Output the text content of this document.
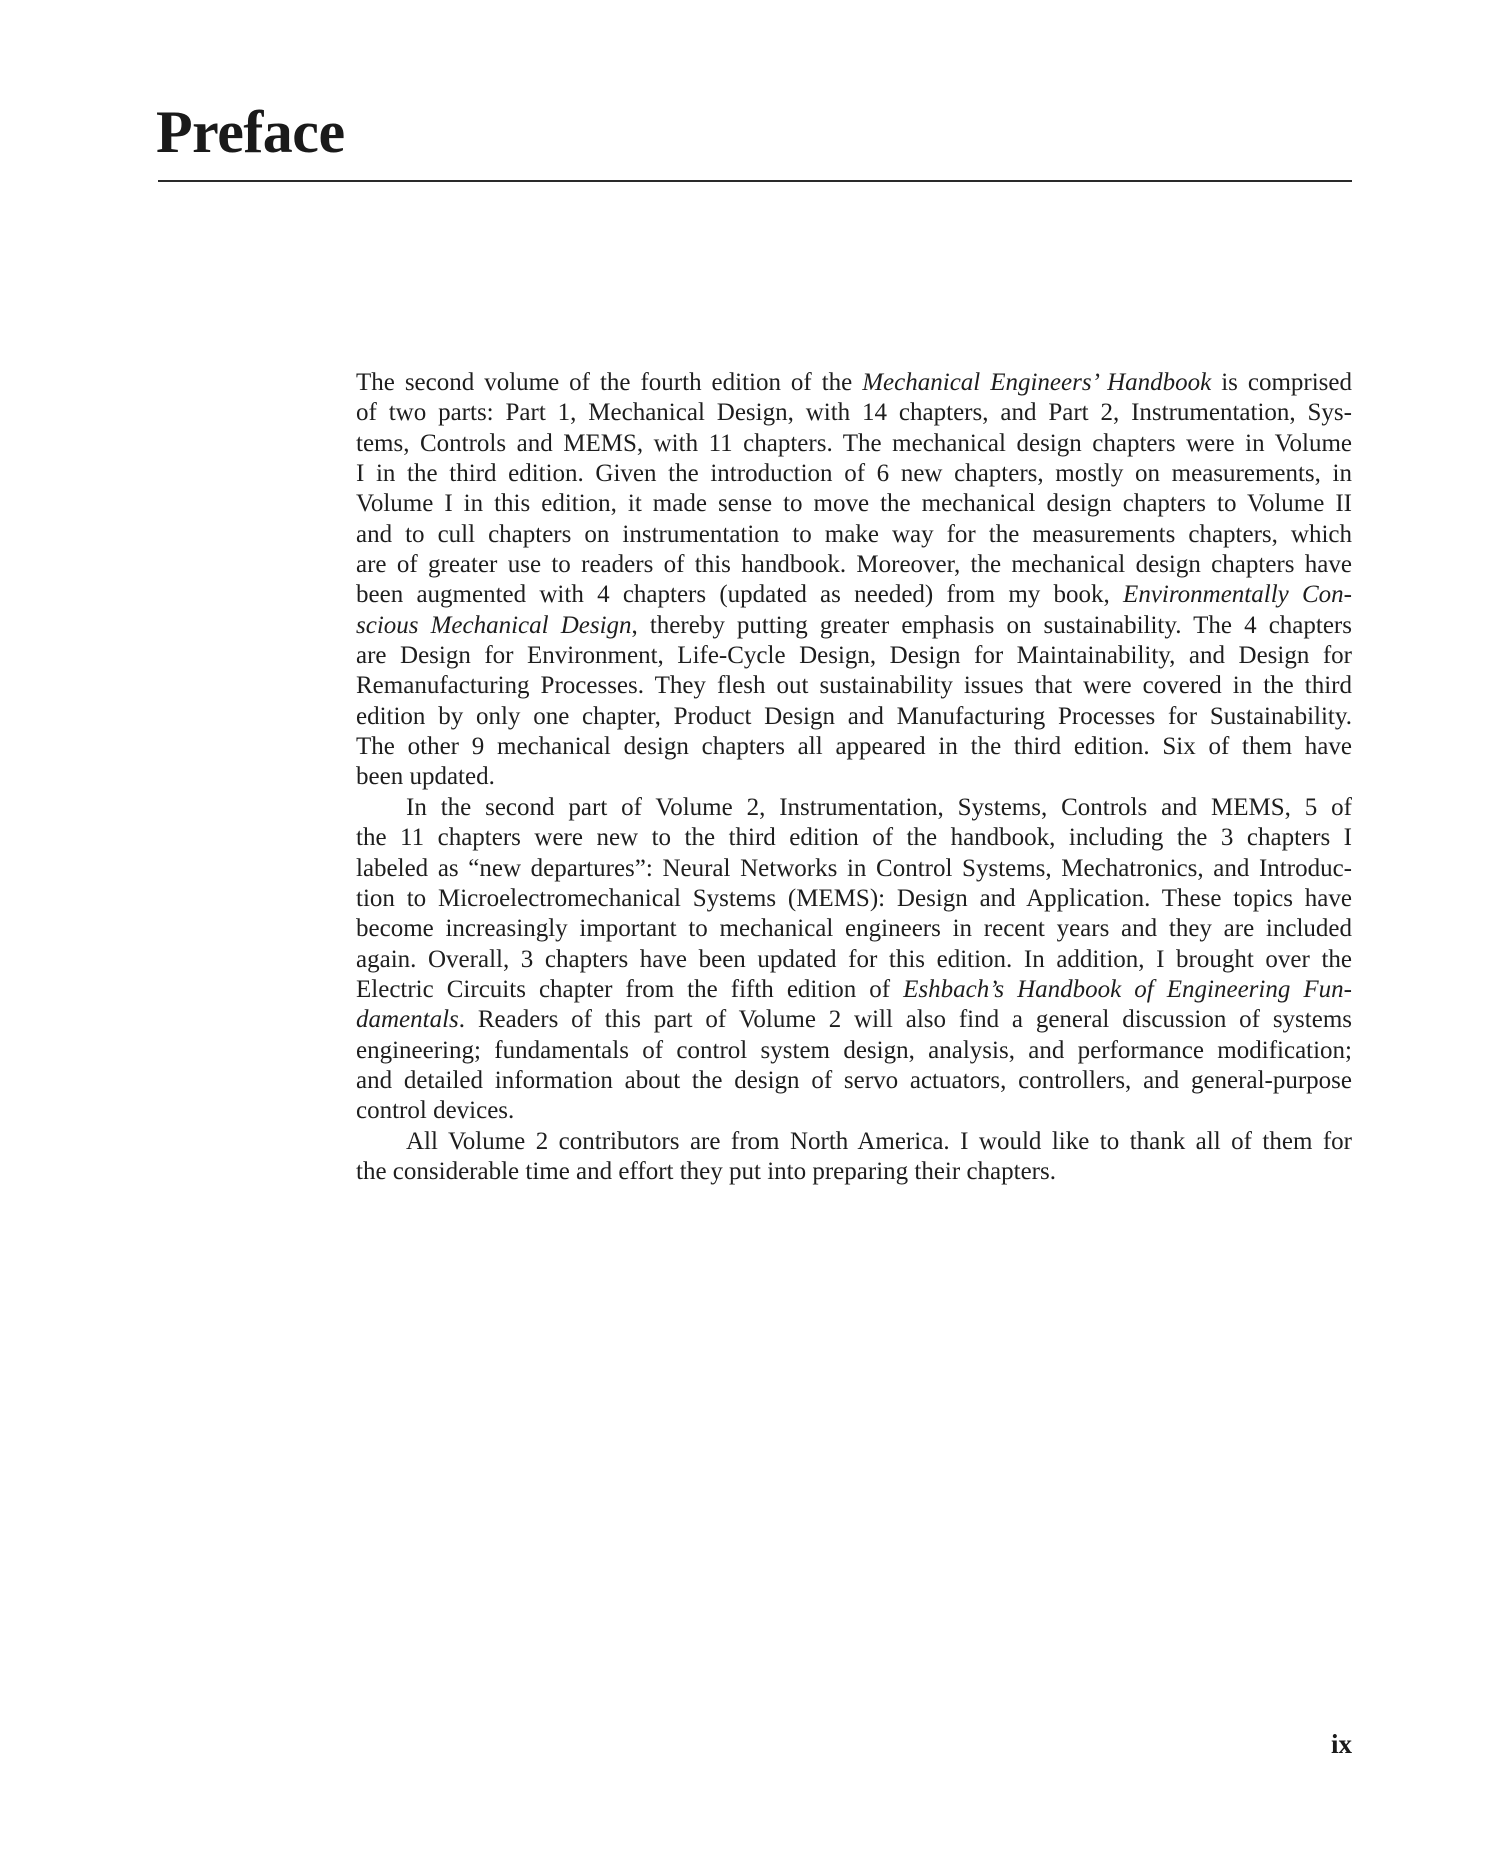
Preface
The second volume of the fourth edition of the Mechanical Engineers’ Handbook is comprised
of two parts: Part 1, Mechanical Design, with 14 chapters, and Part 2, Instrumentation, Sys-
tems, Controls and MEMS, with 11 chapters. The mechanical design chapters were in Volume
I in the third edition. Given the introduction of 6 new chapters, mostly on measurements, in
Volume I in this edition, it made sense to move the mechanical design chapters to Volume II
and to cull chapters on instrumentation to make way for the measurements chapters, which
are of greater use to readers of this handbook. Moreover, the mechanical design chapters have
been augmented with 4 chapters (updated as needed) from my book, Environmentally Con-
scious Mechanical Design, thereby putting greater emphasis on sustainability. The 4 chapters
are Design for Environment, Life-Cycle Design, Design for Maintainability, and Design for
Remanufacturing Processes. They flesh out sustainability issues that were covered in the third
edition by only one chapter, Product Design and Manufacturing Processes for Sustainability.
The other 9 mechanical design chapters all appeared in the third edition. Six of them have
been updated.
In the second part of Volume 2, Instrumentation, Systems, Controls and MEMS, 5 of
the 11 chapters were new to the third edition of the handbook, including the 3 chapters I
labeled as “new departures”: Neural Networks in Control Systems, Mechatronics, and Introduc-
tion to Microelectromechanical Systems (MEMS): Design and Application. These topics have
become increasingly important to mechanical engineers in recent years and they are included
again. Overall, 3 chapters have been updated for this edition. In addition, I brought over the
Electric Circuits chapter from the fifth edition of Eshbach’s Handbook of Engineering Fun-
damentals. Readers of this part of Volume 2 will also find a general discussion of systems
engineering; fundamentals of control system design, analysis, and performance modification;
and detailed information about the design of servo actuators, controllers, and general-purpose
control devices.
All Volume 2 contributors are from North America. I would like to thank all of them for
the considerable time and effort they put into preparing their chapters.
ix
